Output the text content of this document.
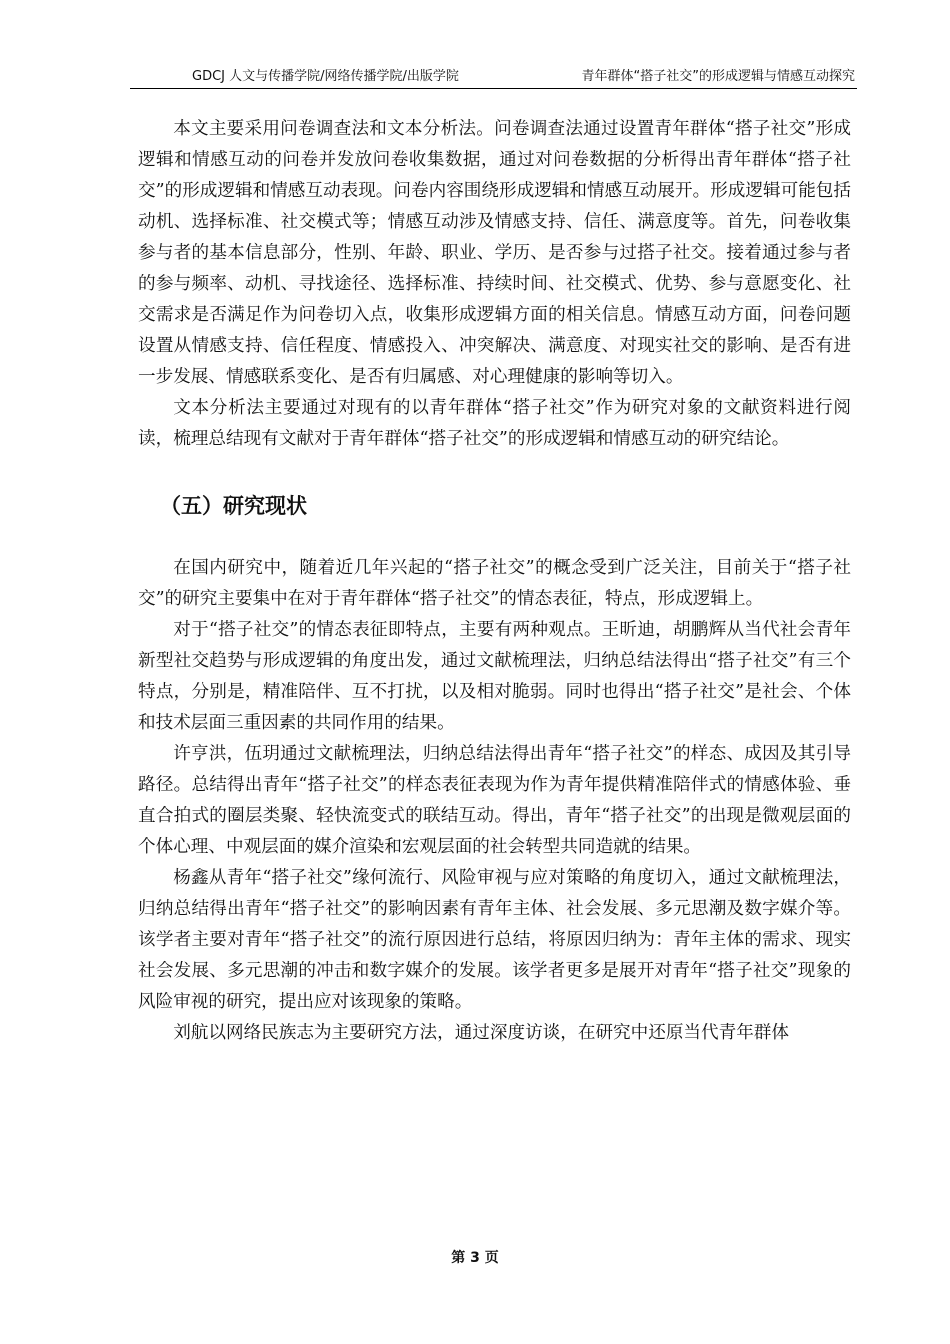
GDCJ 人文与传播学院/网络传播学院/出版学院	青年群体“搭子社交”的形成逻辑与情感互动探究

本文主要采用问卷调查法和文本分析法。问卷调查法通过设置青年群体“搭子社交”形成逻辑和情感互动的问卷并发放问卷收集数据，通过对问卷数据的分析得出青年群体“搭子社交”的形成逻辑和情感互动表现。问卷内容围绕形成逻辑和情感互动展开。形成逻辑可能包括动机、选择标准、社交模式等；情感互动涉及情感支持、信任、满意度等。首先，问卷收集参与者的基本信息部分，性别、年龄、职业、学历、是否参与过搭子社交。接着通过参与者的参与频率、动机、寻找途径、选择标准、持续时间、社交模式、优势、参与意愿变化、社交需求是否满足作为问卷切入点，收集形成逻辑方面的相关信息。情感互动方面，问卷问题设置从情感支持、信任程度、情感投入、冲突解决、满意度、对现实社交的影响、是否有进一步发展、情感联系变化、是否有归属感、对心理健康的影响等切入。

文本分析法主要通过对现有的以青年群体“搭子社交”作为研究对象的文献资料进行阅读，梳理总结现有文献对于青年群体“搭子社交”的形成逻辑和情感互动的研究结论。

（五）研究现状

在国内研究中，随着近几年兴起的“搭子社交”的概念受到广泛关注，目前关于“搭子社交”的研究主要集中在对于青年群体“搭子社交”的情态表征，特点，形成逻辑上。

对于“搭子社交”的情态表征即特点，主要有两种观点。王昕迪，胡鹏辉从当代社会青年新型社交趋势与形成逻辑的角度出发，通过文献梳理法，归纳总结法得出“搭子社交”有三个特点，分别是，精准陪伴、互不打扰，以及相对脆弱。同时也得出“搭子社交”是社会、个体和技术层面三重因素的共同作用的结果。

许亨洪，伍玥通过文献梳理法，归纳总结法得出青年“搭子社交”的样态、成因及其引导路径。总结得出青年“搭子社交”的样态表征表现为作为青年提供精准陪伴式的情感体验、垂直合拍式的圈层类聚、轻快流变式的联结互动。得出，青年“搭子社交”的出现是微观层面的个体心理、中观层面的媒介渲染和宏观层面的社会转型共同造就的结果。

杨鑫从青年“搭子社交”缘何流行、风险审视与应对策略的角度切入，通过文献梳理法，归纳总结得出青年“搭子社交”的影响因素有青年主体、社会发展、多元思潮及数字媒介等。该学者主要对青年“搭子社交”的流行原因进行总结，将原因归纳为：青年主体的需求、现实社会发展、多元思潮的冲击和数字媒介的发展。该学者更多是展开对青年“搭子社交”现象的风险审视的研究，提出应对该现象的策略。

刘航以网络民族志为主要研究方法，通过深度访谈，在研究中还原当代青年群体

第 3 页
